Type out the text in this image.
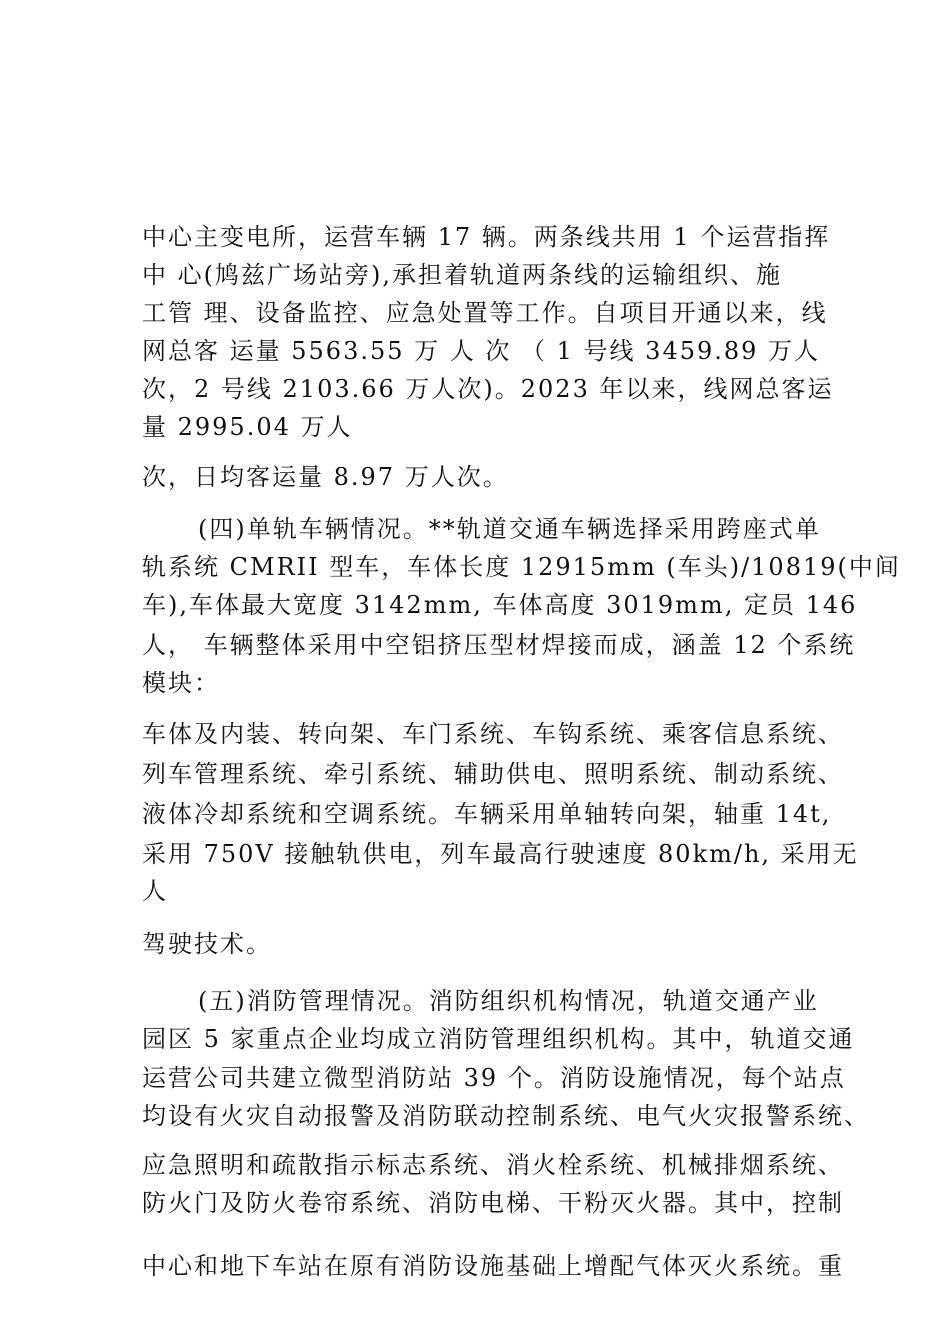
中心主变电所，运营车辆 17 辆。两条线共用 1 个运营指挥
中 心(鸠兹广场站旁),承担着轨道两条线的运输组织、施
工管 理、设备监控、应急处置等工作。自项目开通以来，线
网总客 运量 5563.55 万 人 次 （ 1 号线 3459.89 万人
次，2 号线 2103.66 万人次)。2023 年以来，线网总客运
量 2995.04 万人
次，日均客运量 8.97 万人次。
(四)单轨车辆情况。**轨道交通车辆选择采用跨座式单
轨系统 CMRII 型车，车体长度 12915mm (车头)/10819(中间
车),车体最大宽度 3142mm, 车体高度 3019mm, 定员 146
人， 车辆整体采用中空铝挤压型材焊接而成，涵盖 12 个系统
模块：
车体及内装、转向架、车门系统、车钩系统、乘客信息系统、
列车管理系统、牵引系统、辅助供电、照明系统、制动系统、
液体冷却系统和空调系统。车辆采用单轴转向架，轴重 14t,
采用 750V 接触轨供电，列车最高行驶速度 80km/h, 采用无
人
驾驶技术。
(五)消防管理情况。消防组织机构情况，轨道交通产业
园区 5 家重点企业均成立消防管理组织机构。其中，轨道交通
运营公司共建立微型消防站 39 个。消防设施情况，每个站点
均设有火灾自动报警及消防联动控制系统、电气火灾报警系统、
应急照明和疏散指示标志系统、消火栓系统、机械排烟系统、
防火门及防火卷帘系统、消防电梯、干粉灭火器。其中，控制
中心和地下车站在原有消防设施基础上增配气体灭火系统。重
